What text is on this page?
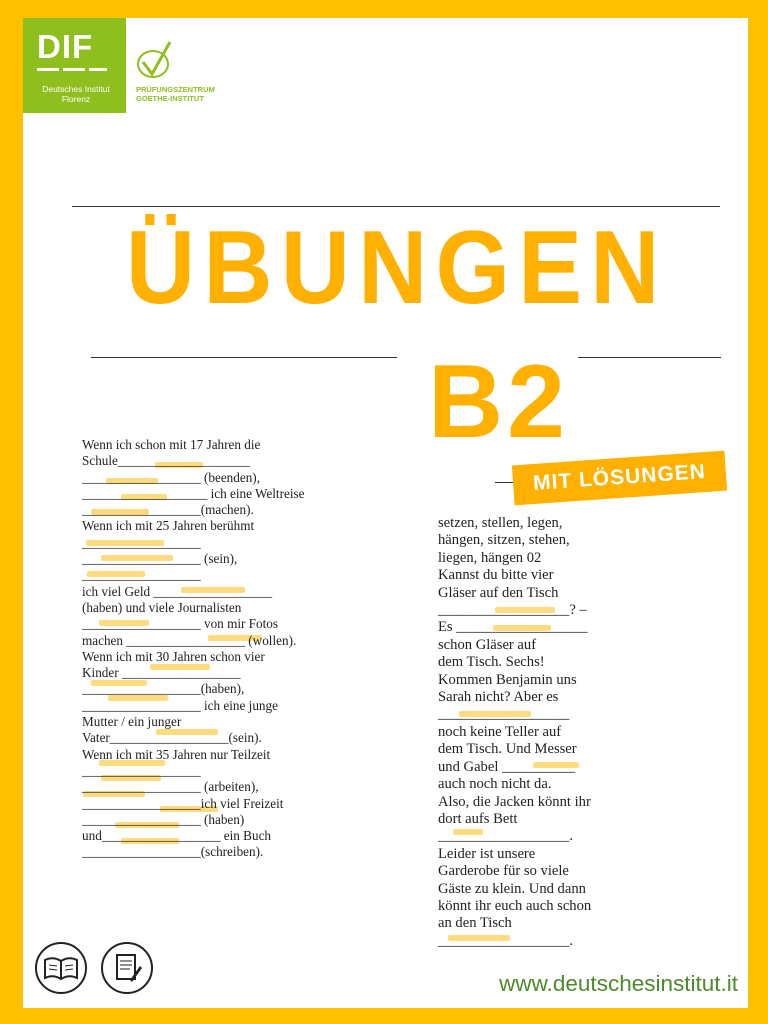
DIF
Deutsches Institut Florenz
PRÜFUNGSZENTRUM
GOETHE-INSTITUT
ÜBUNGEN
B2
MIT LÖSUNGEN

Wenn ich schon mit 17 Jahren die

Schule____________________

__________________ (beenden),

___________________ ich eine Weltreise

__________________(machen).

Wenn ich mit 25 Jahren berühmt

__________________

__________________ (sein),

__________________

ich viel Geld __________________

(haben) und viele Journalisten

__________________ von mir Fotos

machen __________________ (wollen).

Wenn ich mit 30 Jahren schon vier

Kinder __________________

__________________(haben),

__________________ ich eine junge

Mutter / ein junger

Vater__________________(sein).

Wenn ich mit 35 Jahren nur Teilzeit

__________________

__________________ (arbeiten),

__________________ich viel Freizeit

__________________ (haben)

und__________________ ein Buch

__________________(schreiben).

setzen, stellen, legen,

hängen, sitzen, stehen,

liegen, hängen 02

Kannst du bitte vier

Gläser auf den Tisch

__________________? –

Es __________________

schon Gläser auf

dem Tisch. Sechs!

Kommen Benjamin uns

Sarah nicht? Aber es

__________________

noch keine Teller auf

dem Tisch. Und Messer

und Gabel __________

auch noch nicht da.

Also, die Jacken könnt ihr

dort aufs Bett

__________________.

Leider ist unsere

Garderobe für so viele

Gäste zu klein. Und dann

könnt ihr euch auch schon

an den Tisch

__________________.

www.deutschesinstitut.it
